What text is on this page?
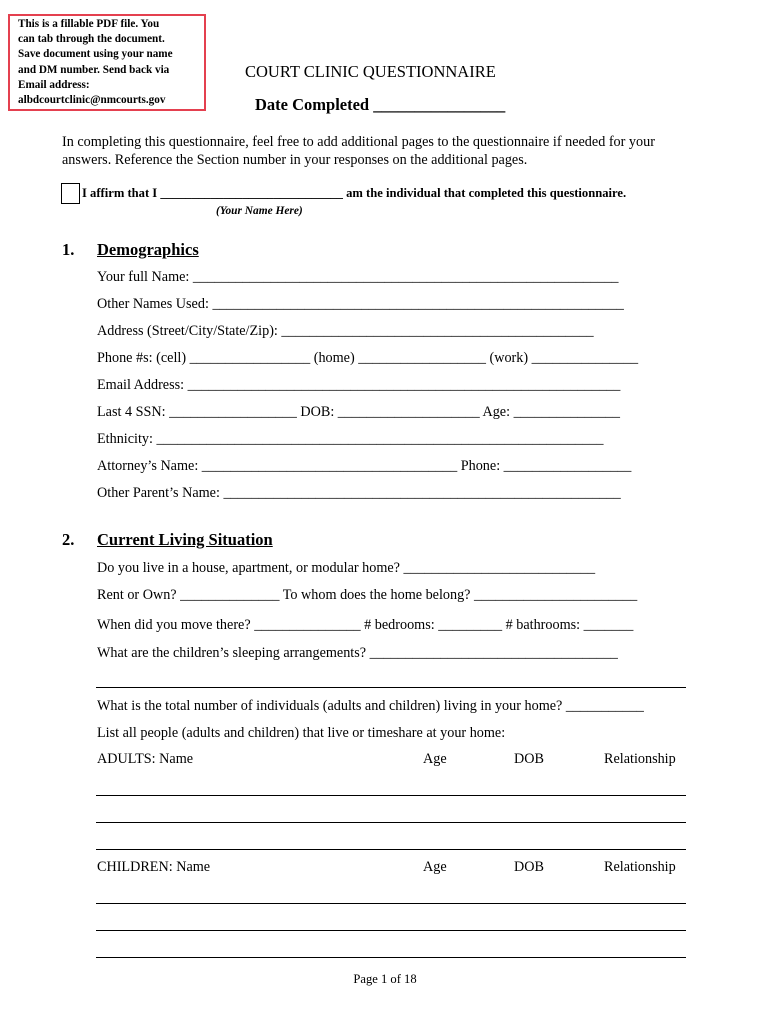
This is a fillable PDF file. You
can tab through the document.
Save document using your name
and DM number. Send back via
Email address:
albdcourtclinic@nmcourts.gov
COURT CLINIC QUESTIONNAIRE
Date Completed ________________
In completing this questionnaire, feel free to add additional pages to the questionnaire if needed for your
answers. Reference the Section number in your responses on the additional pages.
I affirm that I _____________________________ am the individual that completed this questionnaire.
(Your Name Here)
1. Demographics
Your full Name: ____________________________________________________________
Other Names Used: __________________________________________________________
Address (Street/City/State/Zip): ____________________________________________
Phone #s: (cell) _________________ (home) __________________ (work) _______________
Email Address: _____________________________________________________________
Last 4 SSN: __________________ DOB: ____________________ Age: _______________
Ethnicity: _______________________________________________________________
Attorney’s Name: ____________________________________ Phone: __________________
Other Parent’s Name: ________________________________________________________
2. Current Living Situation
Do you live in a house, apartment, or modular home? ___________________________
Rent or Own? ______________ To whom does the home belong? _______________________
When did you move there? _______________ # bedrooms: _________ # bathrooms: _______
What are the children’s sleeping arrangements? ___________________________________
What is the total number of individuals (adults and children) living in your home? ___________
List all people (adults and children) that live or timeshare at your home:
ADULTS: Name	Age	DOB	Relationship
CHILDREN: Name	Age	DOB	Relationship
Page 1 of 18
